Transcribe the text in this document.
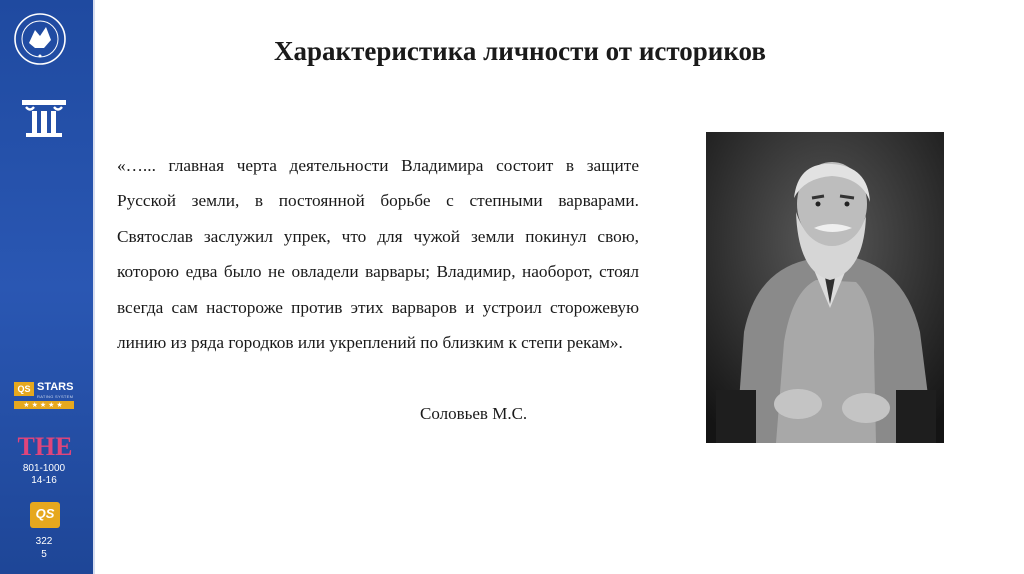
QS STARS
RATING SYSTEM
★★★★★
THE
801-1000
14-16
QS
322
5
Характеристика личности от историков
«…... главная черта деятельности Владимира состоит в защите Русской земли, в постоянной борьбе с степными варварами. Святослав заслужил упрек, что для чужой земли покинул свою, которою едва было не овладели варвары; Владимир, наоборот, стоял всегда сам настороже против этих варваров и устроил сторожевую линию из ряда городков или укреплений по близким к степи рекам».
Соловьев М.С.
